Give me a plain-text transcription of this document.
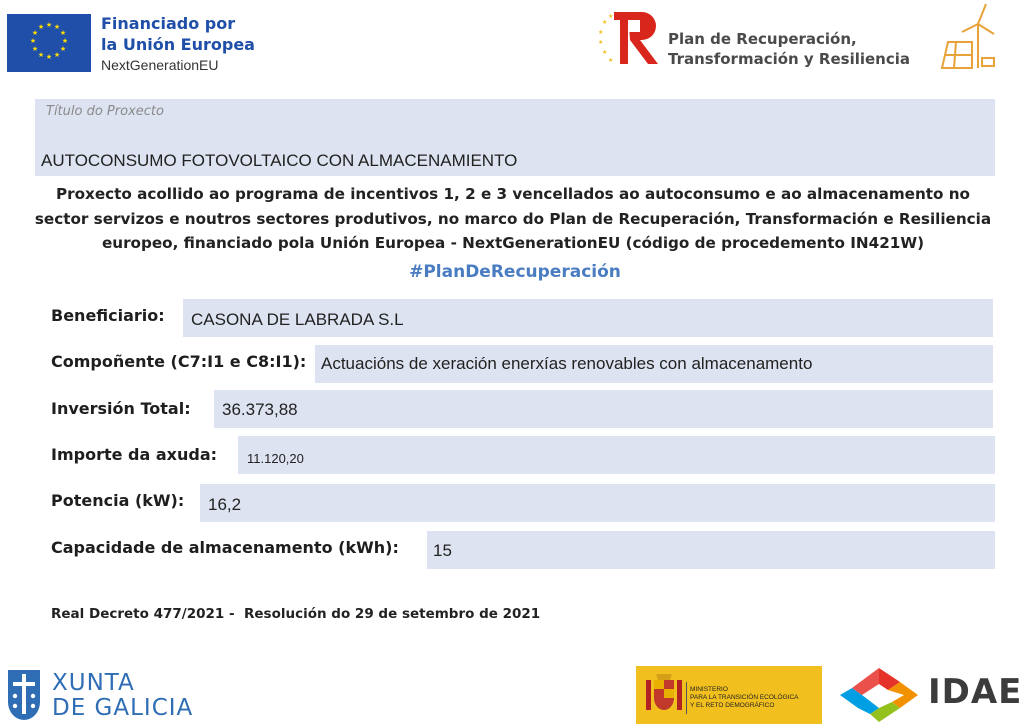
★ ★
★
★
★
★
★
★
★
★
★
★	Financiado por
la Unión Europea
NextGenerationEU
★
★
★
★
★
★
Plan de Recuperación,
Transformación y Resiliencia
Título do Proxecto
AUTOCONSUMO FOTOVOLTAICO CON ALMACENAMIENTO
Proxecto acollido ao programa de incentivos 1, 2 e 3 vencellados ao autoconsumo e ao almacenamento no sector servizos e noutros sectores produtivos, no marco do Plan de Recuperación, Transformación e Resiliencia europeo, financiado pola Unión Europea - NextGenerationEU (código de procedemento IN421W)
#PlanDeRecuperación
Beneficiario: CASONA DE LABRADA S.L
Compoñente (C7:I1 e C8:I1): Actuacións de xeración enerxías renovables con almacenamento
Inversión Total: 36.373,88
Importe da axuda: 11.120,20
Potencia (kW): 16,2
Capacidade de almacenamento (kWh): 15
Real Decreto 477/2021 -  Resolución do 29 de setembro de 2021
XUNTA
DE GALICIA
MINISTERIO
PARA LA TRANSICIÓN ECOLÓGICA
Y EL RETO DEMOGRÁFICO	IDAE
